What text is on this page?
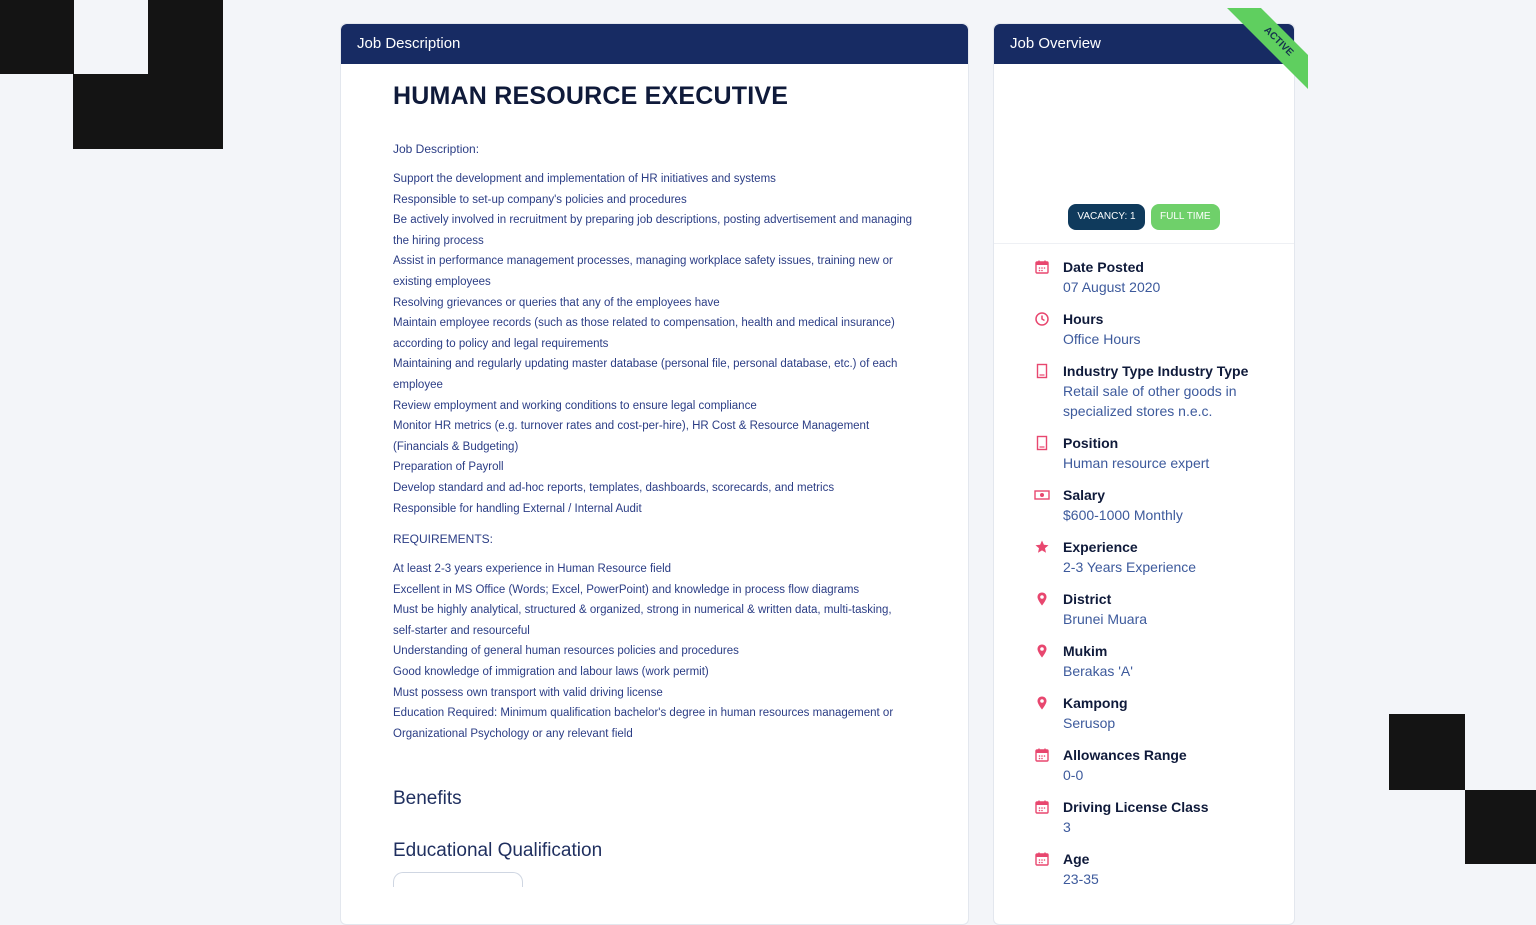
Job Description
HUMAN RESOURCE EXECUTIVE

Job Description:

Support the development and implementation of HR initiatives and systems
Responsible to set-up company's policies and procedures
Be actively involved in recruitment by preparing job descriptions, posting advertisement and managing the hiring process
Assist in performance management processes, managing workplace safety issues, training new or existing employees
Resolving grievances or queries that any of the employees have
Maintain employee records (such as those related to compensation, health and medical insurance) according to policy and legal requirements
Maintaining and regularly updating master database (personal file, personal database, etc.) of each employee
Review employment and working conditions to ensure legal compliance
Monitor HR metrics (e.g. turnover rates and cost-per-hire), HR Cost & Resource Management (Financials & Budgeting)
Preparation of Payroll
Develop standard and ad-hoc reports, templates, dashboards, scorecards, and metrics
Responsible for handling External / Internal Audit

REQUIREMENTS:

At least 2-3 years experience in Human Resource field
Excellent in MS Office (Words; Excel, PowerPoint) and knowledge in process flow diagrams
Must be highly analytical, structured & organized, strong in numerical & written data, multi-tasking, self-starter and resourceful
Understanding of general human resources policies and procedures
Good knowledge of immigration and labour laws (work permit)
Must possess own transport with valid driving license
Education Required: Minimum qualification bachelor's degree in human resources management or Organizational Psychology or any relevant field
Benefits
Educational Qualification
Job Overview
VACANCY: 1 FULL TIME
Date Posted
07 August 2020
Hours
Office Hours
Industry Type Industry Type
Retail sale of other goods in specialized stores n.e.c.
Position
Human resource expert
Salary
$600-1000 Monthly
Experience
2-3 Years Experience
District
Brunei Muara
Mukim
Berakas 'A'
Kampong
Serusop
Allowances Range
0-0
Driving License Class
3
Age
23-35
ACTIVE
